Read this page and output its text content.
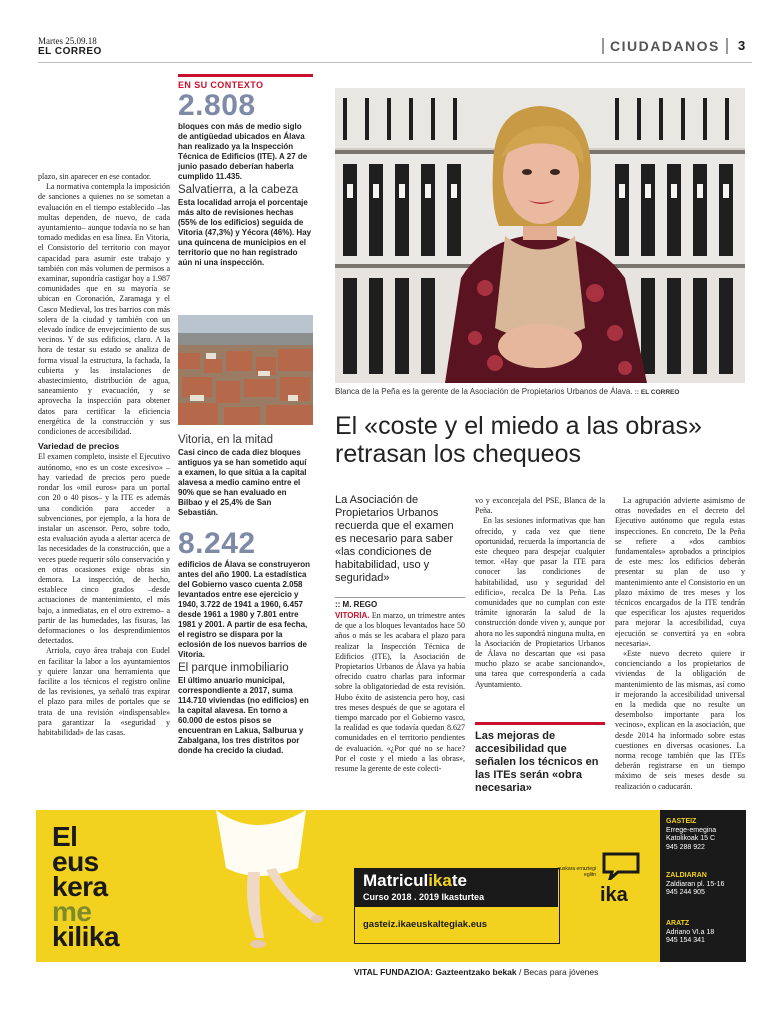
Martes 25.09.18
EL CORREO	CIUDADANOS	3

plazo, sin aparecer en ese contador.

La normativa contempla la imposición de sanciones a quienes no se sometan a evaluación en el tiempo establecido –las multas dependen, de nuevo, de cada ayuntamiento– aunque todavía no se han tomado medidas en esa línea. En Vitoria, el Consistorio del territorio con mayor capacidad para asumir este trabajo y también con más volumen de permisos a examinar, supondría castigar hoy a 1.987 comunidades que en su mayoría se ubican en Coronación, Zaramaga y el Casco Medieval, los tres barrios con más solera de la ciudad y también con un elevado índice de envejecimiento de sus vecinos. Y de sus edificios, claro. A la hora de testar su estado se analiza de forma visual la estructura, la fachada, la cubierta y las instalaciones de abastecimiento, distribución de agua, saneamiento y evacuación, y se aprovecha la inspección para obtener datos para certificar la eficiencia energética de la construcción y sus condiciones de accesibilidad.

Variedad de precios

El examen completo, insiste el Ejecutivo autónomo, «no es un coste excesivo» –hay variedad de precios pero puede rondar los «mil euros» para un portal con 20 o 40 pisos– y la ITE es además una condición para acceder a subvenciones, por ejemplo, a la hora de instalar un ascensor. Pero, sobre todo, esta evaluación ayuda a alertar acerca de las necesidades de la construcción, que a veces puede requerir sólo conservación y en otras ocasiones exige obras sin demora. La inspección, de hecho, establece cinco grados –desde actuaciones de mantenimiento, el más bajo, a inmediatas, en el otro extremo– a partir de las humedades, las fisuras, las deformaciones o los desprendimientos detectados.

Arriola, cuyo área trabaja con Eudel en facilitar la labor a los ayuntamientos y quiere lanzar una herramienta que facilite a los técnicos el registro online de las revisiones, ya señaló tras expirar el plazo para miles de portales que se trata de una revisión «indispensable» para garantizar la «seguridad y habitabilidad» de las casas.

EN SU CONTEXTO
2.808
bloques con más de medio siglo de antigüedad ubicados en Álava han realizado ya la Inspección Técnica de Edificios (ITE). A 27 de junio pasado deberían haberla cumplido 11.435.
Salvatierra, a la cabeza
Esta localidad arroja el porcentaje más alto de revisiones hechas (55% de los edificios) seguida de Vitoria (47,3%) y Yécora (46%). Hay una quincena de municipios en el territorio que no han registrado aún ni una inspección.
Vitoria, en la mitad
Casi cinco de cada diez bloques antiguos ya se han sometido aquí a examen, lo que sitúa a la capital alavesa a medio camino entre el 90% que se han evaluado en Bilbao y el 25,4% de San Sebastián.
8.242
edificios de Álava se construyeron antes del año 1900. La estadística del Gobierno vasco cuenta 2.058 levantados entre ese ejercicio y 1940, 3.722 de 1941 a 1960, 6.457 desde 1961 a 1980 y 7.801 entre 1981 y 2001. A partir de esa fecha, el registro se dispara por la eclosión de los nuevos barrios de Vitoria.
El parque inmobiliario
El último anuario municipal, correspondiente a 2017, suma 114.710 viviendas (no edificios) en la capital alavesa. En torno a 60.000 de estos pisos se encuentran en Lakua, Salburua y Zabalgana, los tres distritos por donde ha crecido la ciudad.
Blanca de la Peña es la gerente de la Asociación de Propietarios Urbanos de Álava. :: EL CORREO
El «coste y el miedo a las obras» retrasan los chequeos
La Asociación de Propietarios Urbanos recuerda que el examen es necesario para saber «las condiciones de habitabilidad, uso y seguridad»
:: M. REGO

VITORIA. En marzo, un trimestre antes de que a los bloques levantados hace 50 años o más se les acabara el plazo para realizar la Inspección Técnica de Edificios (ITE), la Asociación de Propietarios Urbanos de Álava ya había ofrecido cuatro charlas para informar sobre la obligatoriedad de esta revisión. Hubo éxito de asistencia pero hoy, casi tres meses después de que se agotara el tiempo marcado por el Gobierno vasco, la realidad es que todavía quedan 8.627 comunidades en el territorio pendientes de evaluación. «¿Por qué no se hace? Por el coste y el miedo a las obras», resume la gerente de este colecti-

vo y exconcejala del PSE, Blanca de la Peña.

En las sesiones informativas que han ofrecido, y cada vez que tiene oportunidad, recuerda la importancia de este chequeo para despejar cualquier temor. «Hay que pasar la ITE para conocer las condiciones de habitabilidad, uso y seguridad del edificio», recalca De la Peña. Las comunidades que no cumplan con este trámite ignorarán la salud de la construcción donde viven y, aunque por ahora no les supondrá ninguna multa, en la Asociación de Propietarios Urbanos de Álava no descartan que «si pasa mucho plazo se acabe sancionando», una tarea que correspondería a cada Ayuntamiento.

Las mejoras de accesibilidad que señalen los técnicos en las ITEs serán «obra necesaria»

La agrupación advierte asimismo de otras novedades en el decreto del Ejecutivo autónomo que regula estas inspecciones. En concreto, De la Peña se refiere a «dos cambios fundamentales» aprobados a principios de este mes: los edificios deberán presentar su plan de uso y mantenimiento ante el Consistorio en un plazo máximo de tres meses y los técnicos encargados de la ITE tendrán que especificar los ajustes requeridos para mejorar la accesibilidad, cuya ejecución se convertirá ya en «obra necesaria».

«Este nuevo decreto quiere ir concienciando a los propietarios de viviendas de la obligación de mantenimiento de las mismas, así como ir mejorando la accesibilidad universal en la medida que no resulte un desembolso importante para los vecinos», explican en la asociación, que desde 2014 ha informado sobre estas cuestiones en diversas ocasiones. La norma recoge también que las ITEs deberán registrarse en un tiempo máximo de seis meses desde su realización o caducarán.

El
eus
kera
me
kilika
Matriculikate
Curso 2018 . 2019 Ikasturtea
gasteiz.ikaeuskaltegiak.eus
euskara erraztegi eglitn
ika
GASTEIZ
Errege-emegina
Katolikoak 15 C
945 288 922
ZALDIARAN
Zaldiaran pl. 15-16
945 244 905
ARATZ
Adriano VI.a 18
945 154 341
VITAL FUNDAZIOA: Gazteentzako bekak / Becas para jóvenes
